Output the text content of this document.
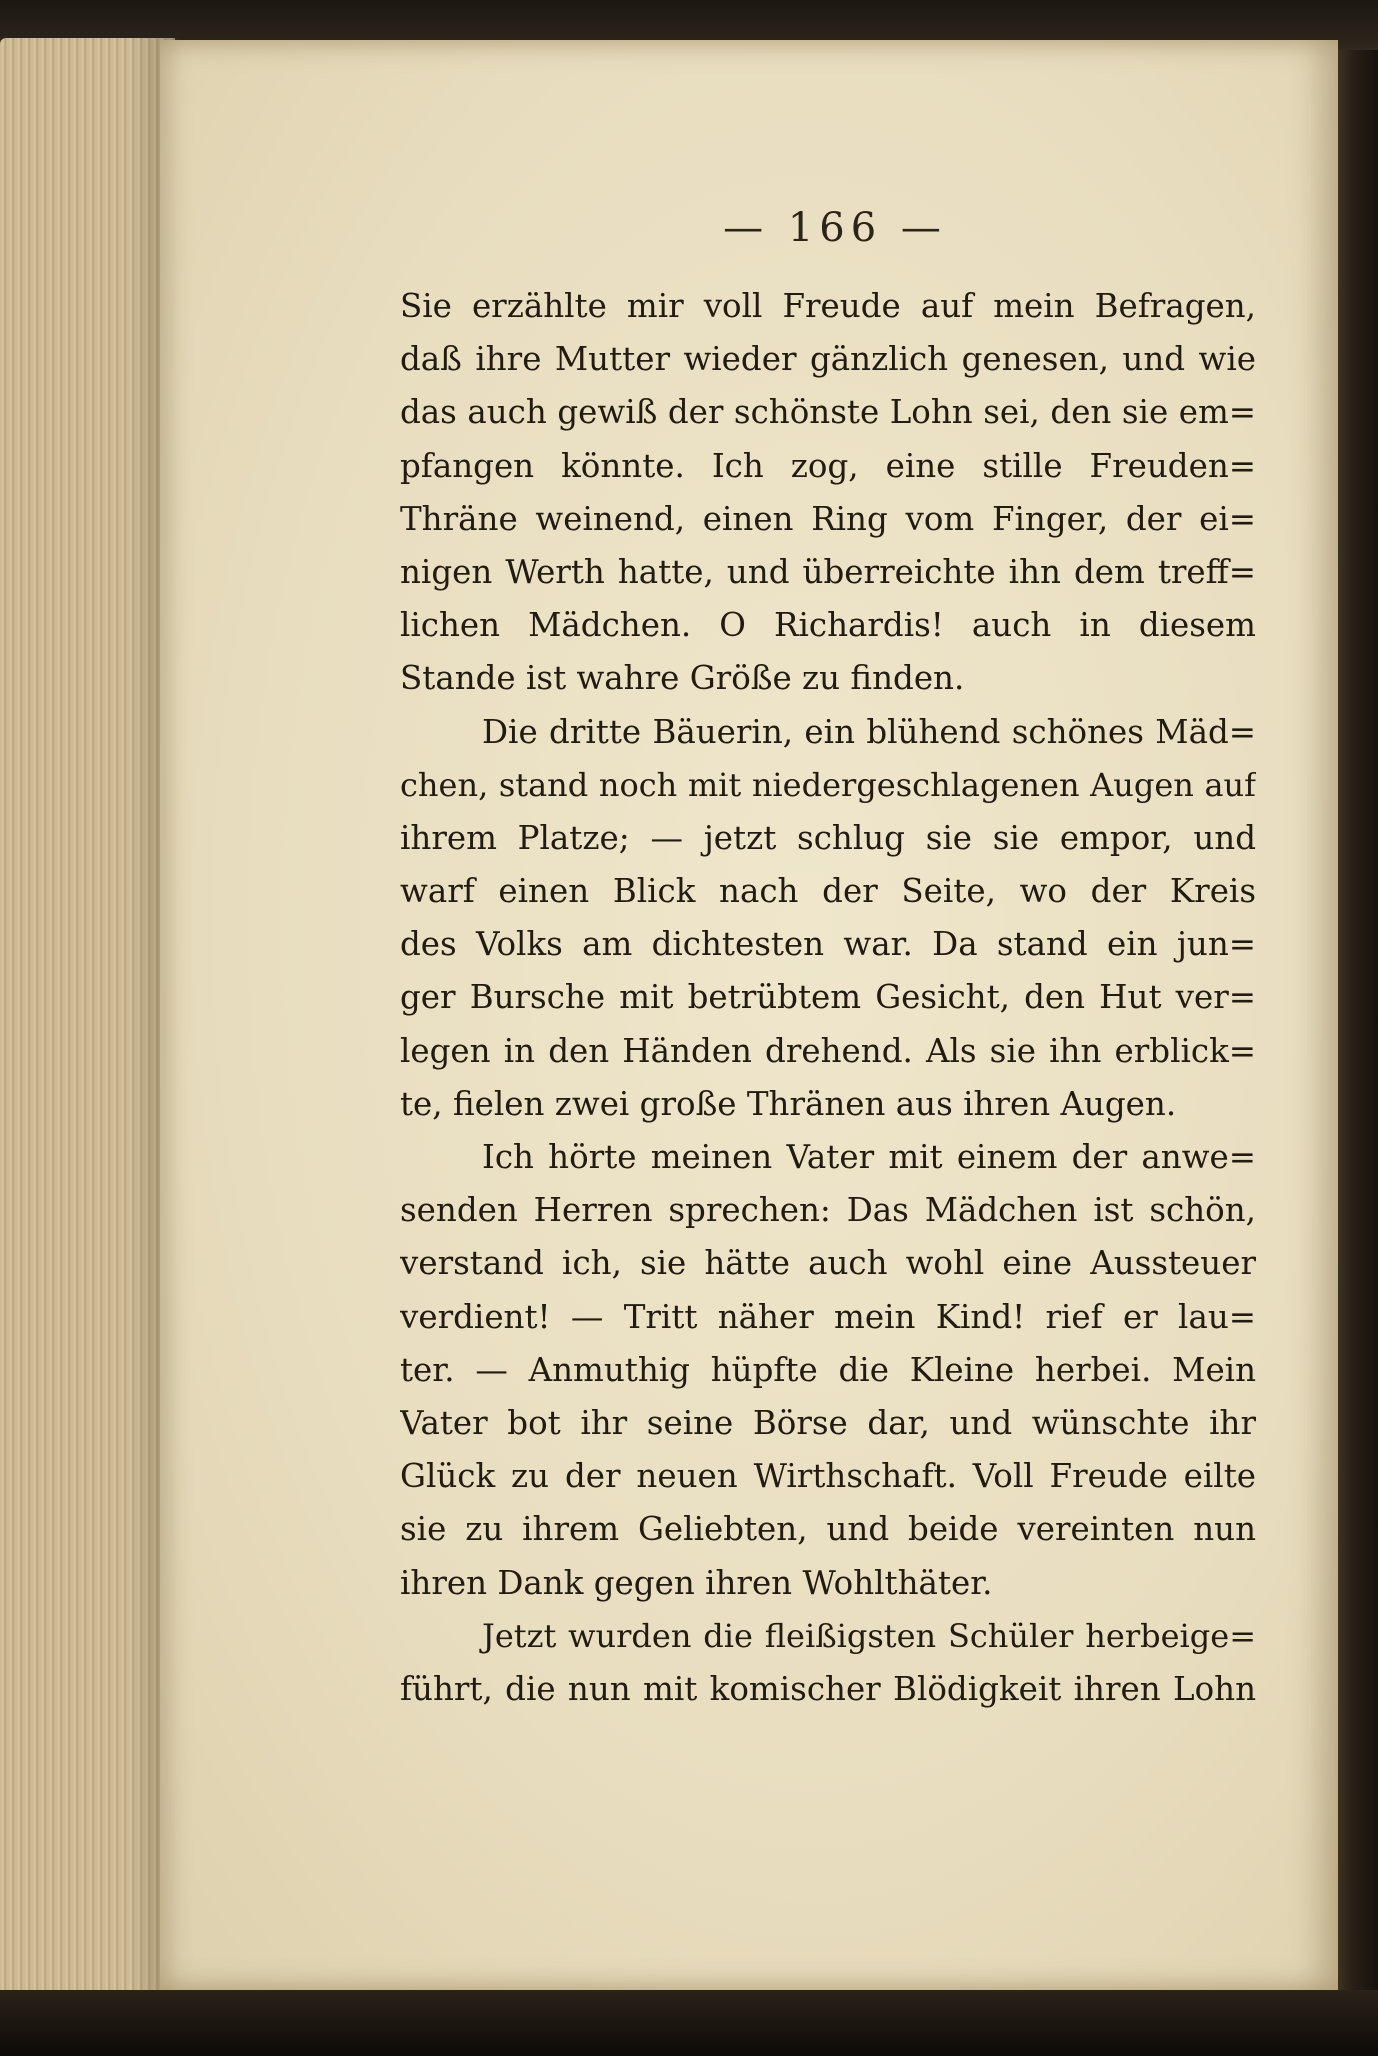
— 166 —
Sie erzählte mir voll Freude auf mein Befragen,
daß ihre Mutter wieder gänzlich genesen, und wie
das auch gewiß der schönste Lohn sei, den sie em=
pfangen könnte. Ich zog, eine stille Freuden=
Thräne weinend, einen Ring vom Finger, der ei=
nigen Werth hatte, und überreichte ihn dem treff=
lichen Mädchen. O Richardis! auch in diesem
Stande ist wahre Größe zu finden.
Die dritte Bäuerin, ein blühend schönes Mäd=
chen, stand noch mit niedergeschlagenen Augen auf
ihrem Platze; — jetzt schlug sie sie empor, und
warf einen Blick nach der Seite, wo der Kreis
des Volks am dichtesten war. Da stand ein jun=
ger Bursche mit betrübtem Gesicht, den Hut ver=
legen in den Händen drehend. Als sie ihn erblick=
te, fielen zwei große Thränen aus ihren Augen.
Ich hörte meinen Vater mit einem der anwe=
senden Herren sprechen: Das Mädchen ist schön,
verstand ich, sie hätte auch wohl eine Aussteuer
verdient! — Tritt näher mein Kind! rief er lau=
ter. — Anmuthig hüpfte die Kleine herbei. Mein
Vater bot ihr seine Börse dar, und wünschte ihr
Glück zu der neuen Wirthschaft. Voll Freude eilte
sie zu ihrem Geliebten, und beide vereinten nun
ihren Dank gegen ihren Wohlthäter.
Jetzt wurden die fleißigsten Schüler herbeige=
führt, die nun mit komischer Blödigkeit ihren Lohn
